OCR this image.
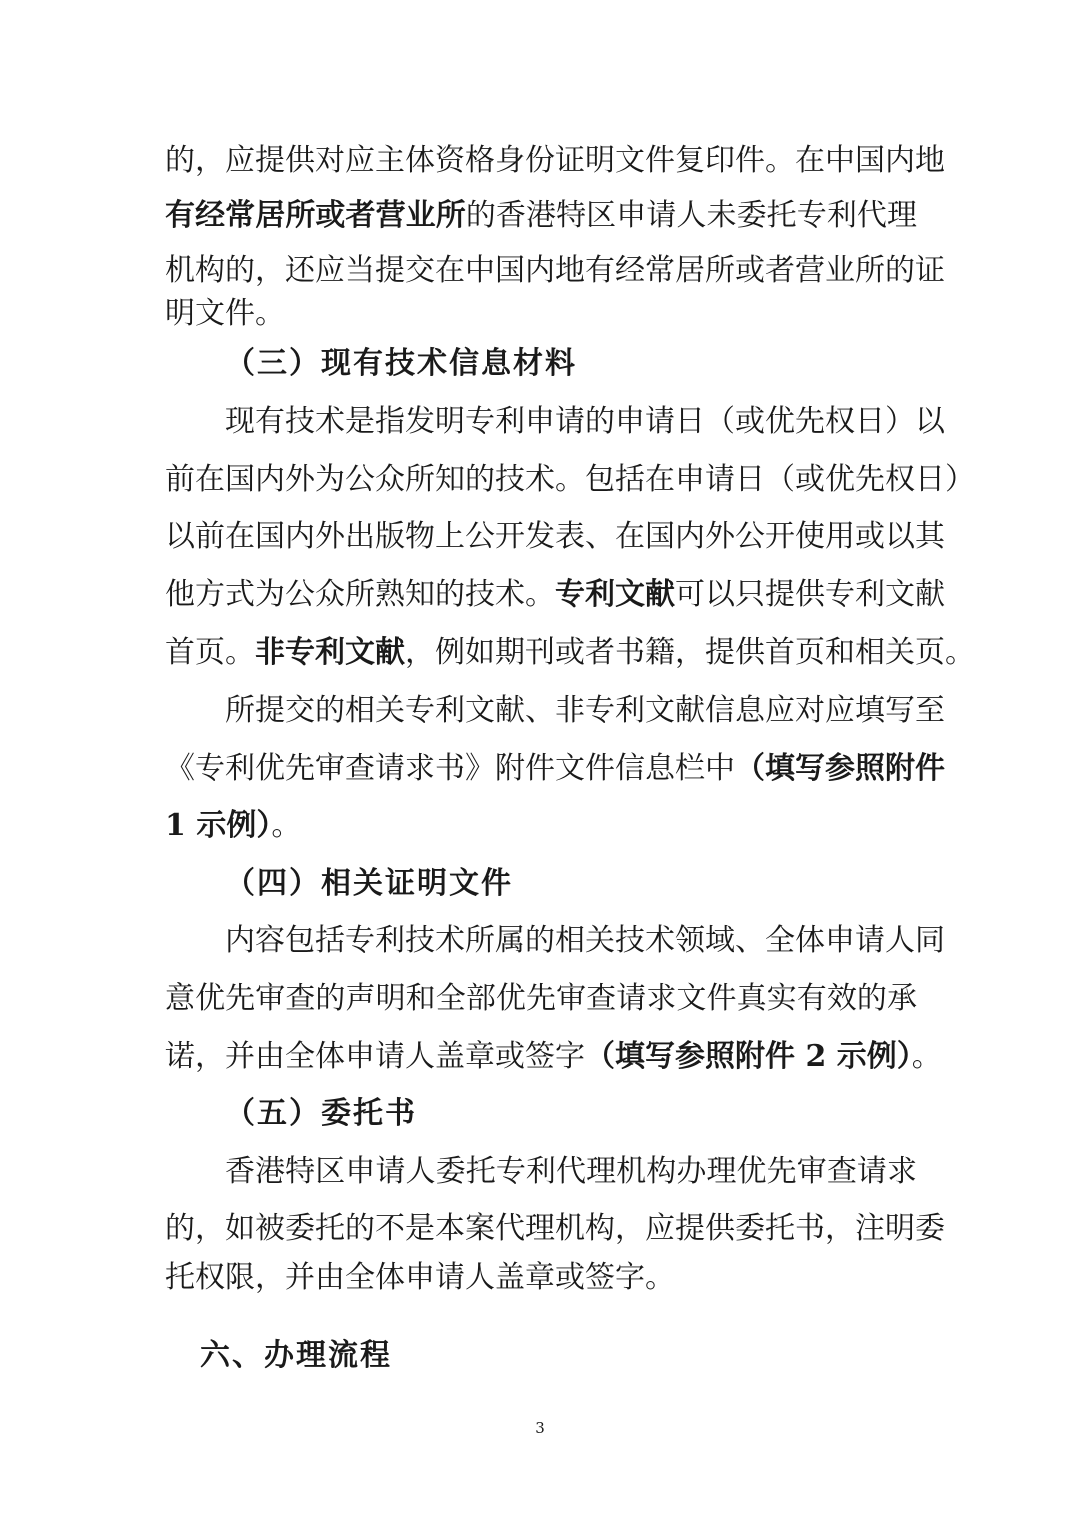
的，应提供对应主体资格身份证明文件复印件。在中国内地
有经常居所或者营业所的香港特区申请人未委托专利代理
机构的，还应当提交在中国内地有经常居所或者营业所的证
明文件。
（三）现有技术信息材料
现有技术是指发明专利申请的申请日（或优先权日）以
前在国内外为公众所知的技术。包括在申请日（或优先权日）
以前在国内外出版物上公开发表、在国内外公开使用或以其
他方式为公众所熟知的技术。专利文献可以只提供专利文献
首页。非专利文献，例如期刊或者书籍，提供首页和相关页。
所提交的相关专利文献、非专利文献信息应对应填写至
《专利优先审查请求书》附件文件信息栏中（填写参照附件
1 示例）。
（四）相关证明文件
内容包括专利技术所属的相关技术领域、全体申请人同
意优先审查的声明和全部优先审查请求文件真实有效的承
诺，并由全体申请人盖章或签字（填写参照附件 2 示例）。
（五）委托书
香港特区申请人委托专利代理机构办理优先审查请求
的，如被委托的不是本案代理机构，应提供委托书，注明委
托权限，并由全体申请人盖章或签字。
六、办理流程
3
